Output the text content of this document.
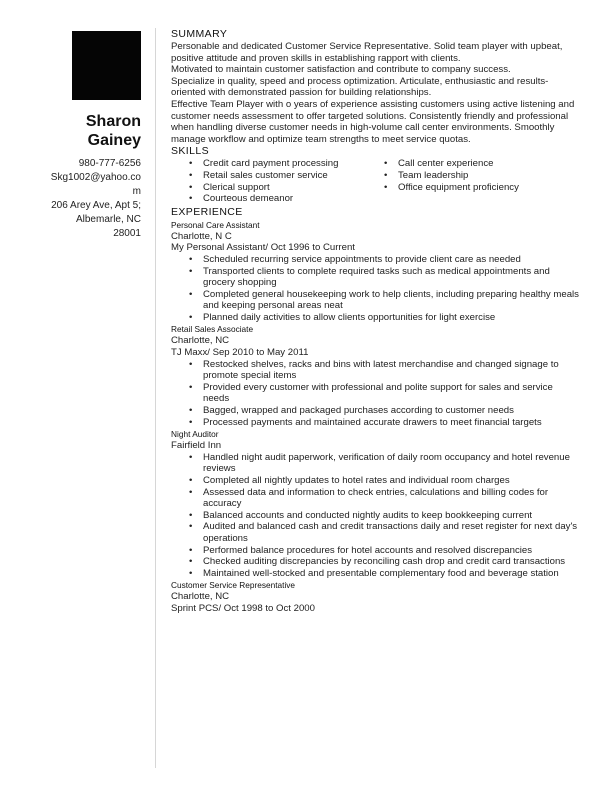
Sharon
Gainey
980-777-6256
Skg1002@yahoo.co
m
206 Arey Ave, Apt 5;
Albemarle, NC
28001
SUMMARY

Personable and dedicated Customer Service Representative. Solid team player with upbeat, positive attitude and proven skills in establishing rapport with clients.

Motivated to maintain customer satisfaction and contribute to company success.

Specialize in quality, speed and process optimization. Articulate, enthusiastic and results-oriented with demonstrated passion for building relationships.

Effective Team Player with o years of experience assisting customers using active listening and customer needs assessment to offer targeted solutions. Consistently friendly and professional when handling diverse customer needs in high-volume call center environments. Smoothly manage workflow and optimize team strengths to meet service quotas.

SKILLS
• Credit card payment processing
• Retail sales customer service
• Clerical support
• Courteous demeanor
• Call center experience
• Team leadership
• Office equipment proficiency
EXPERIENCE
Personal Care Assistant
Charlotte, N C
My Personal Assistant/ Oct 1996 to Current
• Scheduled recurring service appointments to provide client care as needed
• Transported clients to complete required tasks such as medical appointments and grocery shopping
• Completed general housekeeping work to help clients, including preparing healthy meals and keeping personal areas neat
• Planned daily activities to allow clients opportunities for light exercise
Retail Sales Associate
Charlotte, NC
TJ Maxx/ Sep 2010 to May 2011
• Restocked shelves, racks and bins with latest merchandise and changed signage to promote special items
• Provided every customer with professional and polite support for sales and service needs
• Bagged, wrapped and packaged purchases according to customer needs
• Processed payments and maintained accurate drawers to meet financial targets
Night Auditor
Fairfield Inn
• Handled night audit paperwork, verification of daily room occupancy and hotel revenue reviews
• Completed all nightly updates to hotel rates and individual room charges
• Assessed data and information to check entries, calculations and billing codes for accuracy
• Balanced accounts and conducted nightly audits to keep bookkeeping current
• Audited and balanced cash and credit transactions daily and reset register for next day's operations
• Performed balance procedures for hotel accounts and resolved discrepancies
• Checked auditing discrepancies by reconciling cash drop and credit card transactions
• Maintained well-stocked and presentable complementary food and beverage station
Customer Service Representative
Charlotte, NC
Sprint PCS/ Oct 1998 to Oct 2000
